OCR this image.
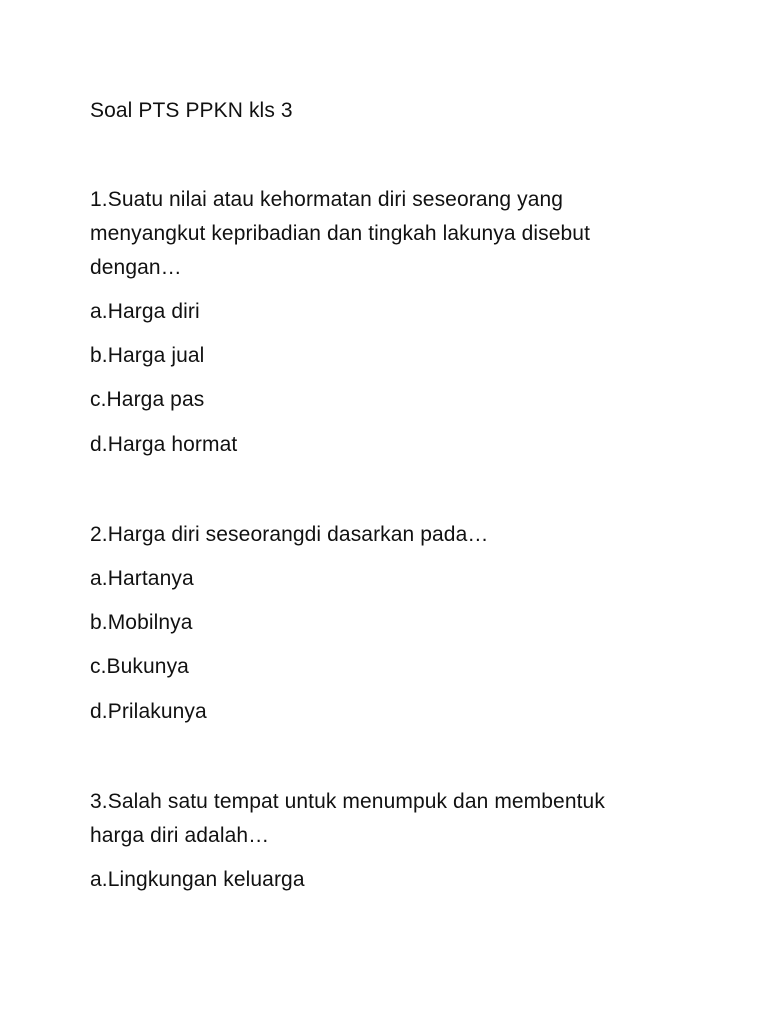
Soal PTS PPKN kls 3
1.Suatu nilai atau kehormatan diri seseorang yang
menyangkut kepribadian dan tingkah lakunya disebut
dengan…
a.Harga diri
b.Harga jual
c.Harga pas
d.Harga hormat
2.Harga diri seseorangdi dasarkan pada…
a.Hartanya
b.Mobilnya
c.Bukunya
d.Prilakunya
3.Salah satu tempat untuk menumpuk dan membentuk
harga diri adalah…
a.Lingkungan keluarga
